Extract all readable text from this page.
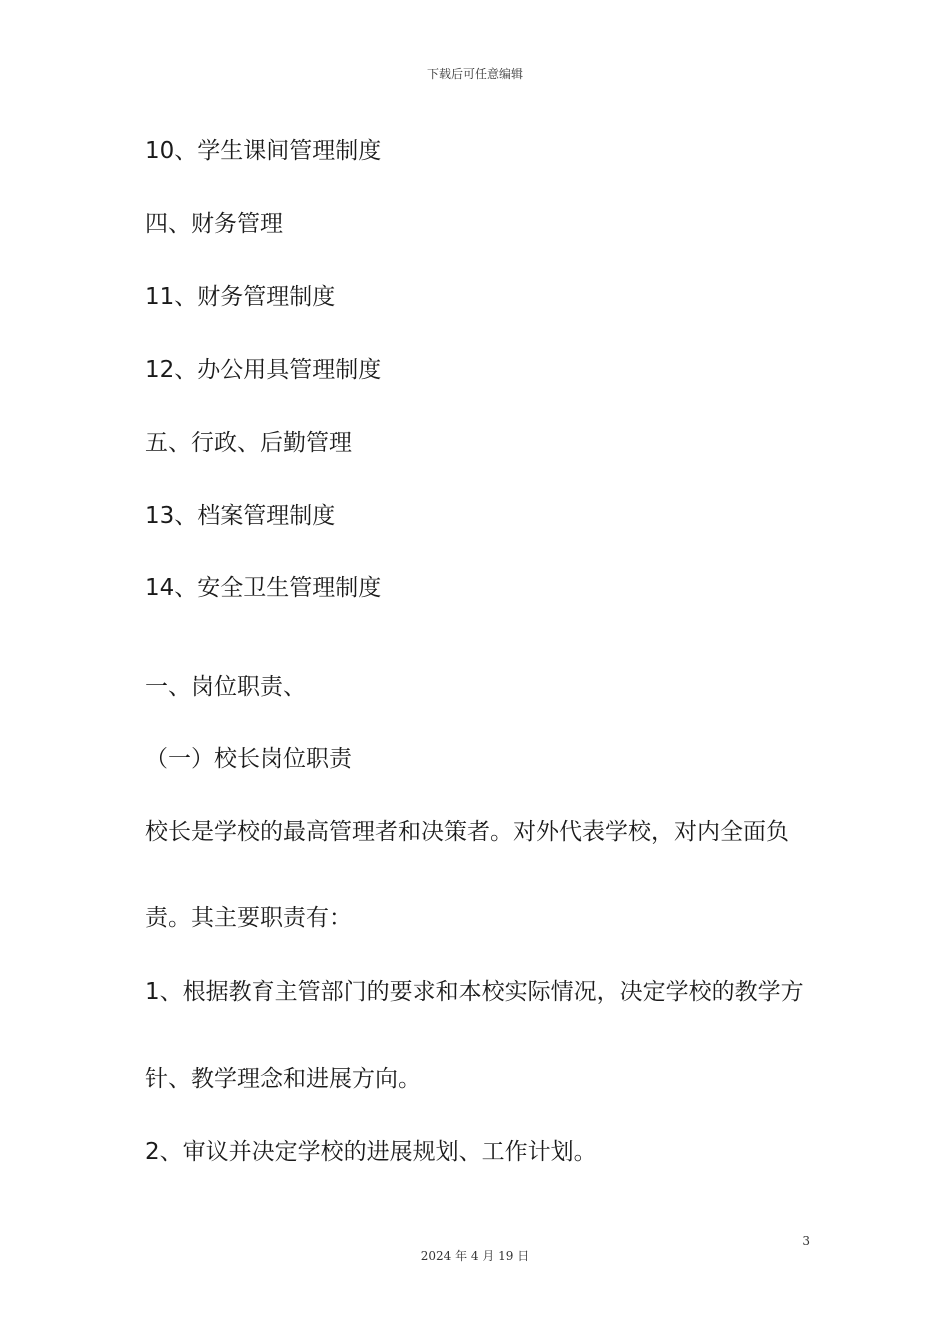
下载后可任意编辑
10、学生课间管理制度
四、财务管理
11、财务管理制度
12、办公用具管理制度
五、行政、后勤管理
13、档案管理制度
14、安全卫生管理制度
一、岗位职责、
（一）校长岗位职责
校长是学校的最高管理者和决策者。对外代表学校，对内全面负
责。其主要职责有：
1、根据教育主管部门的要求和本校实际情况，决定学校的教学方
针、教学理念和进展方向。
2、审议并决定学校的进展规划、工作计划。
3
2024 年 4 月 19 日
